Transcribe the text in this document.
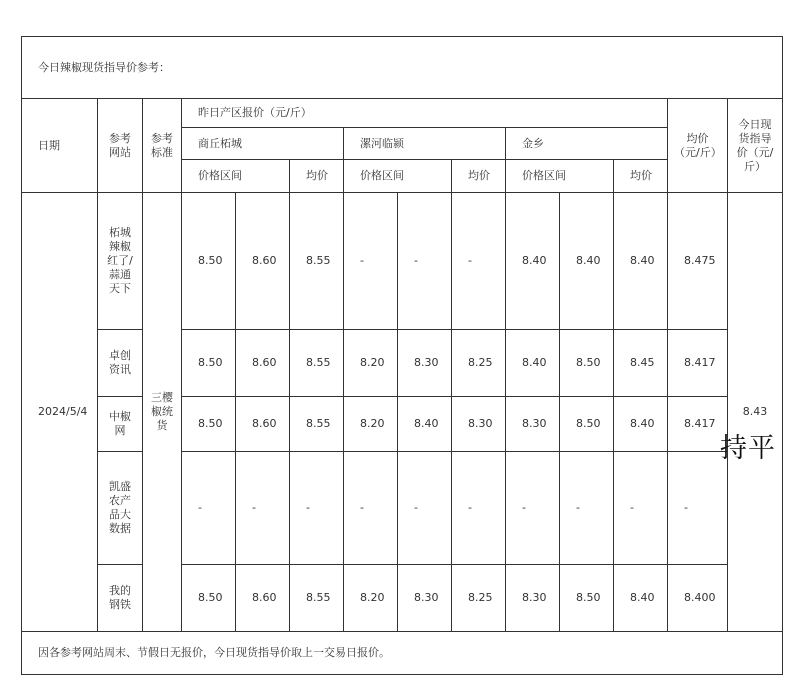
今日辣椒现货指导价参考：													
日期	参考网站	参考标准	昨日产区报价（元/斤）									均价（元/斤）	今日现货指导价（元/斤）
			商丘柘城			漯河临颍			金乡				
			价格区间		均价	价格区间		均价	价格区间		均价		
2024/5/4	柘城辣椒红了/蒜通天下	三樱椒统货	8.50	8.60	8.55	-	-	-	8.40	8.40	8.40	8.475	8.43
	卓创资讯		8.50	8.60	8.55	8.20	8.30	8.25	8.40	8.50	8.45	8.417	
	中椒网		8.50	8.60	8.55	8.20	8.40	8.30	8.30	8.50	8.40	8.417	
	凯盛农产品大数据		-	-	-	-	-	-	-	-	-	-	
	我的钢铁		8.50	8.60	8.55	8.20	8.30	8.25	8.30	8.50	8.40	8.400	
因各参考网站周末、节假日无报价，今日现货指导价取上一交易日报价。													
持平
